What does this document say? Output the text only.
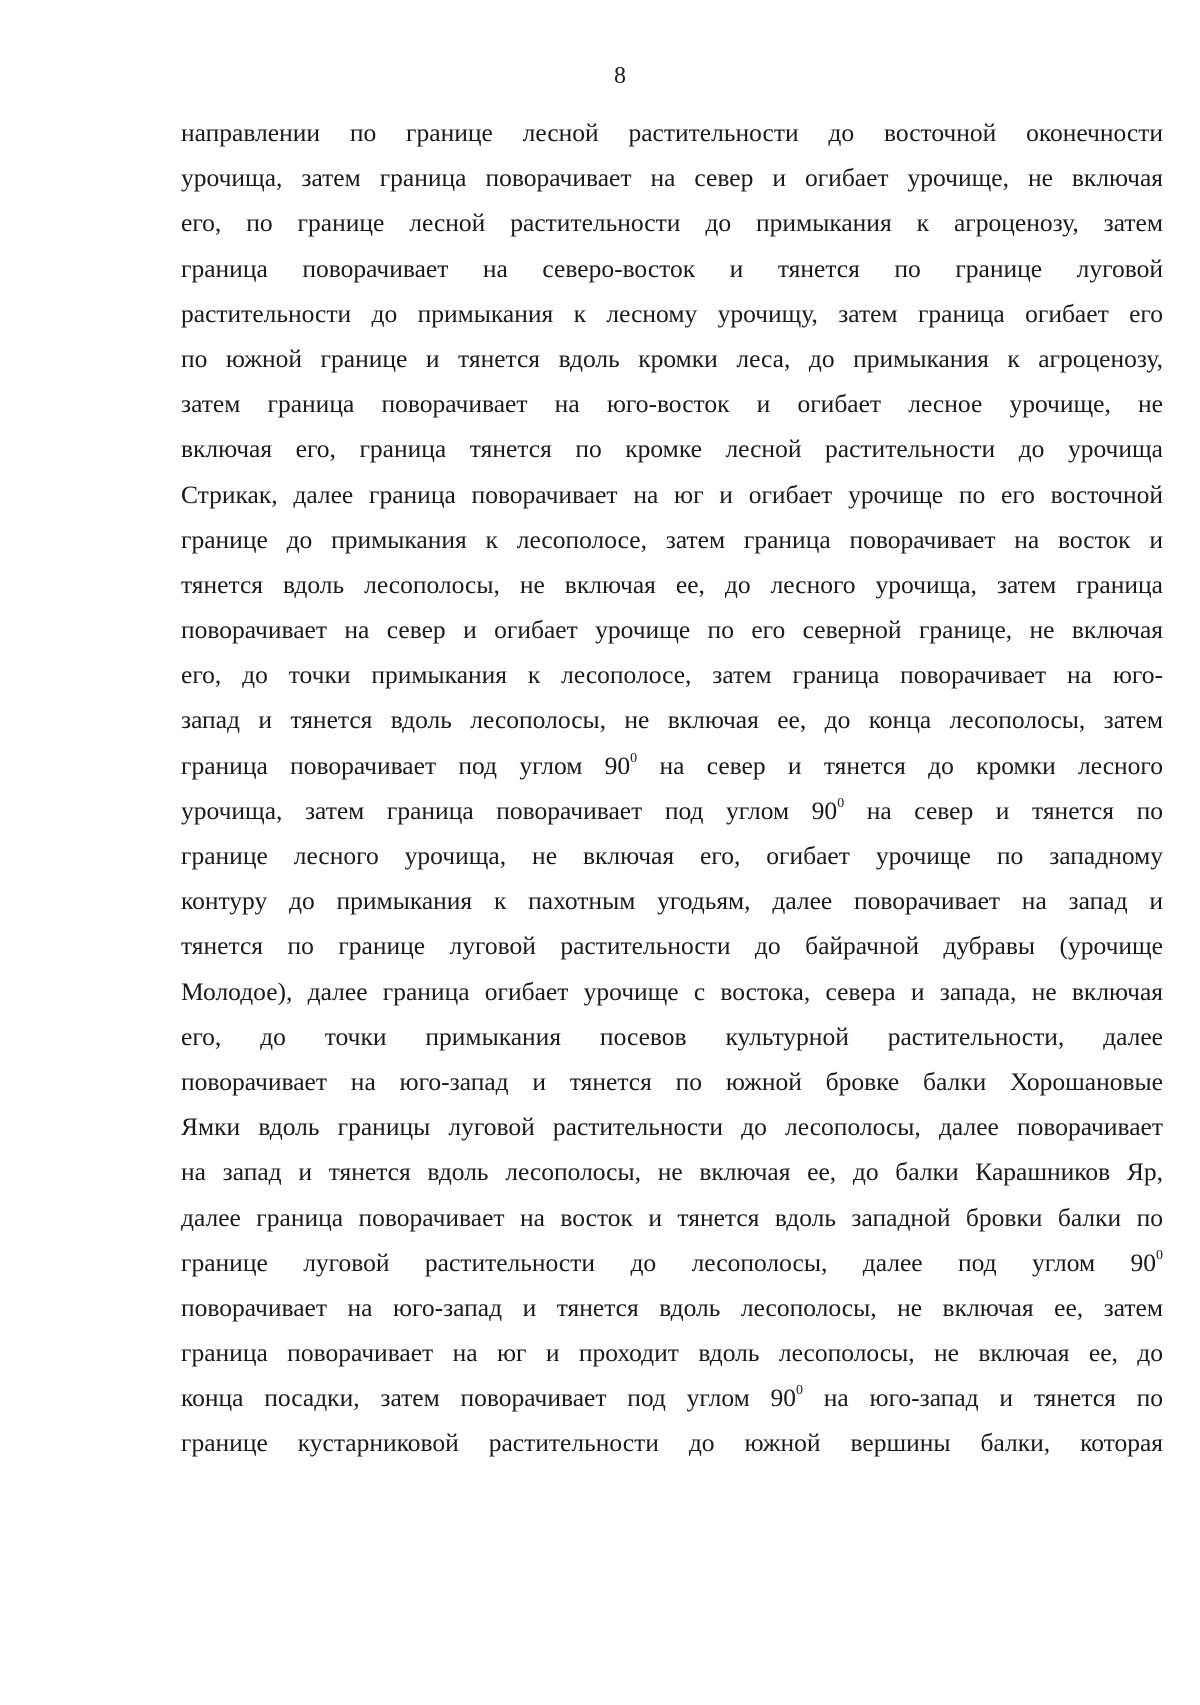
8
направлении по границе лесной растительности до восточной оконечности
урочища, затем граница поворачивает на север и огибает урочище, не включая
его, по границе лесной растительности до примыкания к агроценозу, затем
граница поворачивает на северо-восток и тянется по границе луговой
растительности до примыкания к лесному урочищу, затем граница огибает его
по южной границе и тянется вдоль кромки леса, до примыкания к агроценозу,
затем граница поворачивает на юго-восток и огибает лесное урочище, не
включая его, граница тянется по кромке лесной растительности до урочища
Стрикак, далее граница поворачивает на юг и огибает урочище по его восточной
границе до примыкания к лесополосе, затем граница поворачивает на восток и
тянется вдоль лесополосы, не включая ее, до лесного урочища, затем граница
поворачивает на север и огибает урочище по его северной границе, не включая
его, до точки примыкания к лесополосе, затем граница поворачивает на юго-
запад и тянется вдоль лесополосы, не включая ее, до конца лесополосы, затем
граница поворачивает под углом $90^0$ на север и тянется до кромки лесного
урочища, затем граница поворачивает под углом $90^0$ на север и тянется по
границе лесного урочища, не включая его, огибает урочище по западному
контуру до примыкания к пахотным угодьям, далее поворачивает на запад и
тянется по границе луговой растительности до байрачной дубравы (урочище
Молодое), далее граница огибает урочище с востока, севера и запада, не включая
его, до точки примыкания посевов культурной растительности, далее
поворачивает на юго-запад и тянется по южной бровке балки Хорошановые
Ямки вдоль границы луговой растительности до лесополосы, далее поворачивает
на запад и тянется вдоль лесополосы, не включая ее, до балки Карашников Яр,
далее граница поворачивает на восток и тянется вдоль западной бровки балки по
границе луговой растительности до лесополосы, далее под углом $90^0$
поворачивает на юго-запад и тянется вдоль лесополосы, не включая ее, затем
граница поворачивает на юг и проходит вдоль лесополосы, не включая ее, до
конца посадки, затем поворачивает под углом $90^0$ на юго-запад и тянется по
границе кустарниковой растительности до южной вершины балки, которая
